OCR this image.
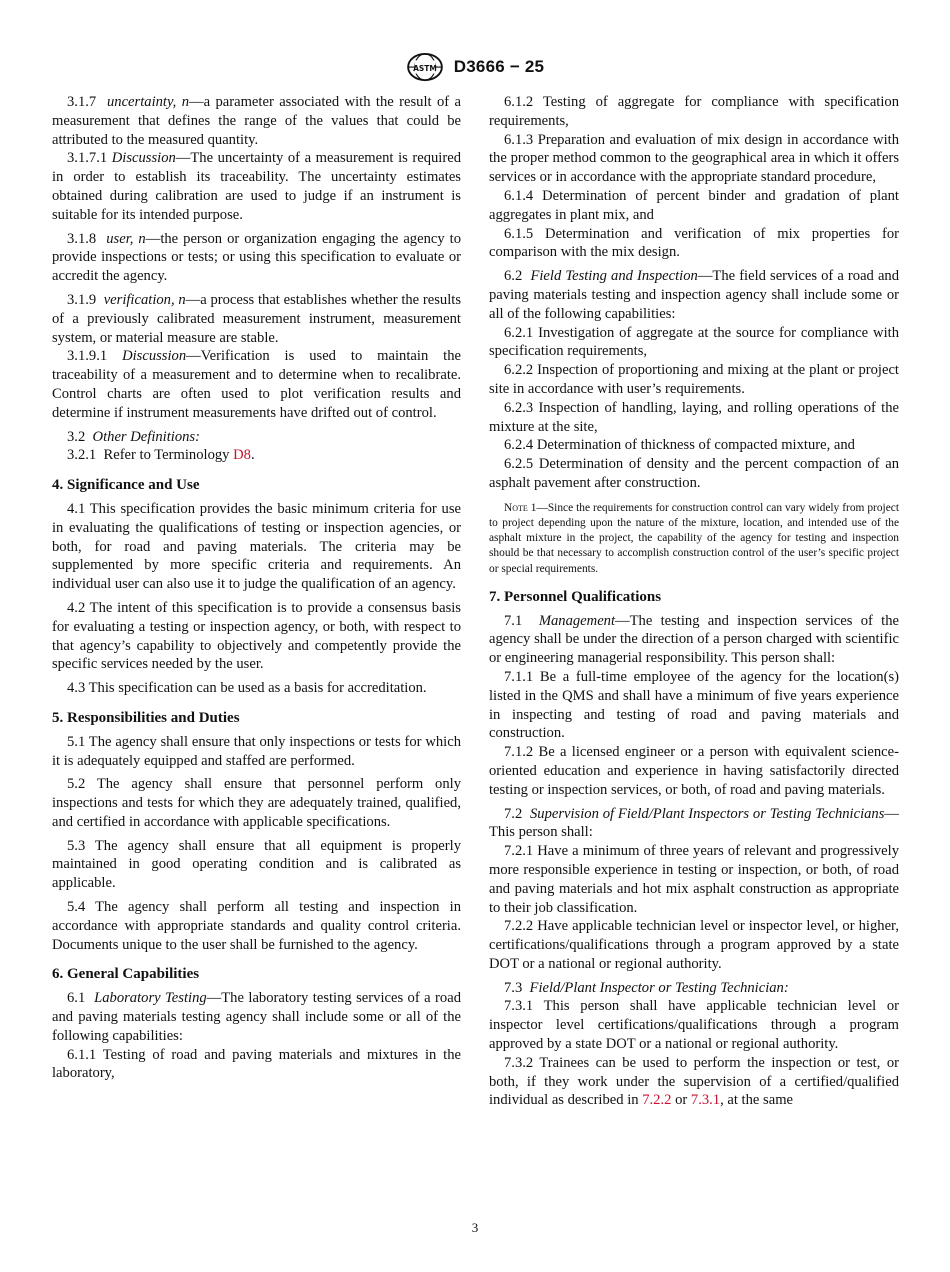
ASTM D3666 − 25

3.1.7 uncertainty, n—a parameter associated with the result of a measurement that defines the range of the values that could be attributed to the measured quantity.

3.1.7.1 Discussion—The uncertainty of a measurement is required in order to establish its traceability. The uncertainty estimates obtained during calibration are used to judge if an instrument is suitable for its intended purpose.

3.1.8 user, n—the person or organization engaging the agency to provide inspections or tests; or using this specification to evaluate or accredit the agency.

3.1.9 verification, n—a process that establishes whether the results of a previously calibrated measurement instrument, measurement system, or material measure are stable.

3.1.9.1 Discussion—Verification is used to maintain the traceability of a measurement and to determine when to recalibrate. Control charts are often used to plot verification results and determine if instrument measurements have drifted out of control.

3.2 Other Definitions:

3.2.1 Refer to Terminology D8.

4. Significance and Use

4.1 This specification provides the basic minimum criteria for use in evaluating the qualifications of testing or inspection agencies, or both, for road and paving materials. The criteria may be supplemented by more specific criteria and requirements. An individual user can also use it to judge the qualification of an agency.

4.2 The intent of this specification is to provide a consensus basis for evaluating a testing or inspection agency, or both, with respect to that agency’s capability to objectively and competently provide the specific services needed by the user.

4.3 This specification can be used as a basis for accreditation.

5. Responsibilities and Duties

5.1 The agency shall ensure that only inspections or tests for which it is adequately equipped and staffed are performed.

5.2 The agency shall ensure that personnel perform only inspections and tests for which they are adequately trained, qualified, and certified in accordance with applicable specifications.

5.3 The agency shall ensure that all equipment is properly maintained in good operating condition and is calibrated as applicable.

5.4 The agency shall perform all testing and inspection in accordance with appropriate standards and quality control criteria. Documents unique to the user shall be furnished to the agency.

6. General Capabilities

6.1 Laboratory Testing—The laboratory testing services of a road and paving materials testing agency shall include some or all of the following capabilities:

6.1.1 Testing of road and paving materials and mixtures in the laboratory,

6.1.2 Testing of aggregate for compliance with specification requirements,

6.1.3 Preparation and evaluation of mix design in accordance with the proper method common to the geographical area in which it offers services or in accordance with the appropriate standard procedure,

6.1.4 Determination of percent binder and gradation of plant aggregates in plant mix, and

6.1.5 Determination and verification of mix properties for comparison with the mix design.

6.2 Field Testing and Inspection—The field services of a road and paving materials testing and inspection agency shall include some or all of the following capabilities:

6.2.1 Investigation of aggregate at the source for compliance with specification requirements,

6.2.2 Inspection of proportioning and mixing at the plant or project site in accordance with user’s requirements.

6.2.3 Inspection of handling, laying, and rolling operations of the mixture at the site,

6.2.4 Determination of thickness of compacted mixture, and

6.2.5 Determination of density and the percent compaction of an asphalt pavement after construction.

Note 1—Since the requirements for construction control can vary widely from project to project depending upon the nature of the mixture, location, and intended use of the asphalt mixture in the project, the capability of the agency for testing and inspection should be that necessary to accomplish construction control of the user’s specific project or special requirements.
7. Personnel Qualifications

7.1 Management—The testing and inspection services of the agency shall be under the direction of a person charged with scientific or engineering managerial responsibility. This person shall:

7.1.1 Be a full-time employee of the agency for the location(s) listed in the QMS and shall have a minimum of five years experience in inspecting and testing of road and paving materials and construction.

7.1.2 Be a licensed engineer or a person with equivalent science-oriented education and experience in having satisfactorily directed testing or inspection services, or both, of road and paving materials.

7.2 Supervision of Field/Plant Inspectors or Testing Technicians—This person shall:

7.2.1 Have a minimum of three years of relevant and progressively more responsible experience in testing or inspection, or both, of road and paving materials and hot mix asphalt construction as appropriate to their job classification.

7.2.2 Have applicable technician level or inspector level, or higher, certifications/qualifications through a program approved by a state DOT or a national or regional authority.

7.3 Field/Plant Inspector or Testing Technician:

7.3.1 This person shall have applicable technician level or inspector level certifications/qualifications through a program approved by a state DOT or a national or regional authority.

7.3.2 Trainees can be used to perform the inspection or test, or both, if they work under the supervision of a certified/qualified individual as described in 7.2.2 or 7.3.1, at the same

3
